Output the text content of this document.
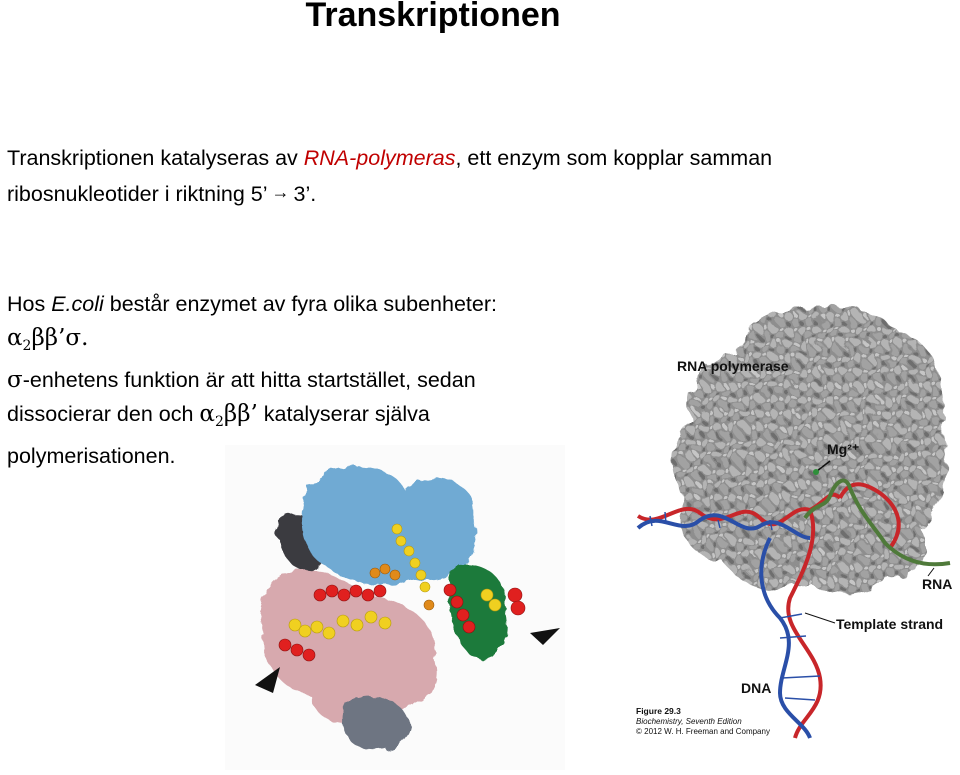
Transkriptionen
Transkriptionen katalyseras av RNA-polymeras, ett enzym som kopplar samman
ribosnukleotider i riktning 5’ → 3’.
Hos E.coli består enzymet av fyra olika subenheter:
$\alpha_2\beta\beta’\sigma$.
σ-enhetens funktion är att hitta startstället, sedan
dissocierar den och $\alpha_2\beta\beta$’ katalyserar själva
polymerisationen.
RNA polymerase
Mg²⁺
RNA
Template strand
DNA
Figure 29.3
Biochemistry, Seventh Edition
© 2012 W. H. Freeman and Company
